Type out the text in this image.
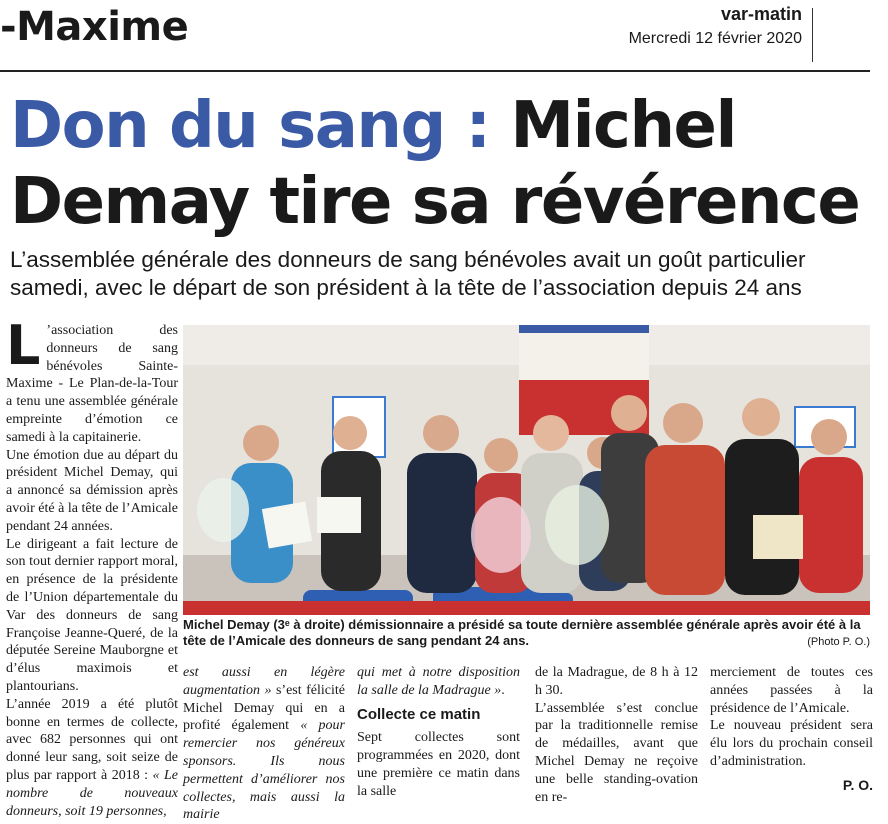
-Maxime	var-matin
Mercredi 12 février 2020
Don du sang : Michel Demay tire sa révérence

L’assemblée générale des donneurs de sang bénévoles avait un goût particulier samedi, avec le départ de son président à la tête de l’association depuis 24 ans

L ’association des donneurs de sang bénévoles Sainte-Maxime - Le Plan-de-la-Tour a tenu une assemblée générale empreinte d’émotion ce samedi à la capitainerie.

Une émotion due au départ du président Michel Demay, qui a annoncé sa démission après avoir été à la tête de l’Amicale pendant 24 années.

Le dirigeant a fait lecture de son tout dernier rapport moral, en présence de la présidente de l’Union départementale du Var des donneurs de sang Françoise Jeanne-Queré, de la députée Sereine Mauborgne et d’élus maximois et plantourians.

L’année 2019 a été plutôt bonne en termes de collecte, avec 682 personnes qui ont donné leur sang, soit seize de plus par rapport à 2018 : « Le nombre de nouveaux donneurs, soit 19 personnes,

Michel Demay (3ᵉ à droite) démissionnaire a présidé sa toute dernière assemblée générale après avoir été à la tête de l’Amicale des donneurs de sang pendant 24 ans.	(Photo P. O.)

est aussi en légère augmentation » s’est félicité Michel Demay qui en a profité également « pour remercier nos généreux sponsors. Ils nous permettent d’améliorer nos collectes, mais aussi la mairie

qui met à notre disposition la salle de la Madrague ».

Collecte ce matin

Sept collectes sont programmées en 2020, dont une première ce matin dans la salle

de la Madrague, de 8 h à 12 h 30.

L’assemblée s’est conclue par la traditionnelle remise de médailles, avant que Michel Demay ne reçoive une belle standing-ovation en re-

merciement de toutes ces années passées à la présidence de l’Amicale.

Le nouveau président sera élu lors du prochain conseil d’administration.

P. O.
